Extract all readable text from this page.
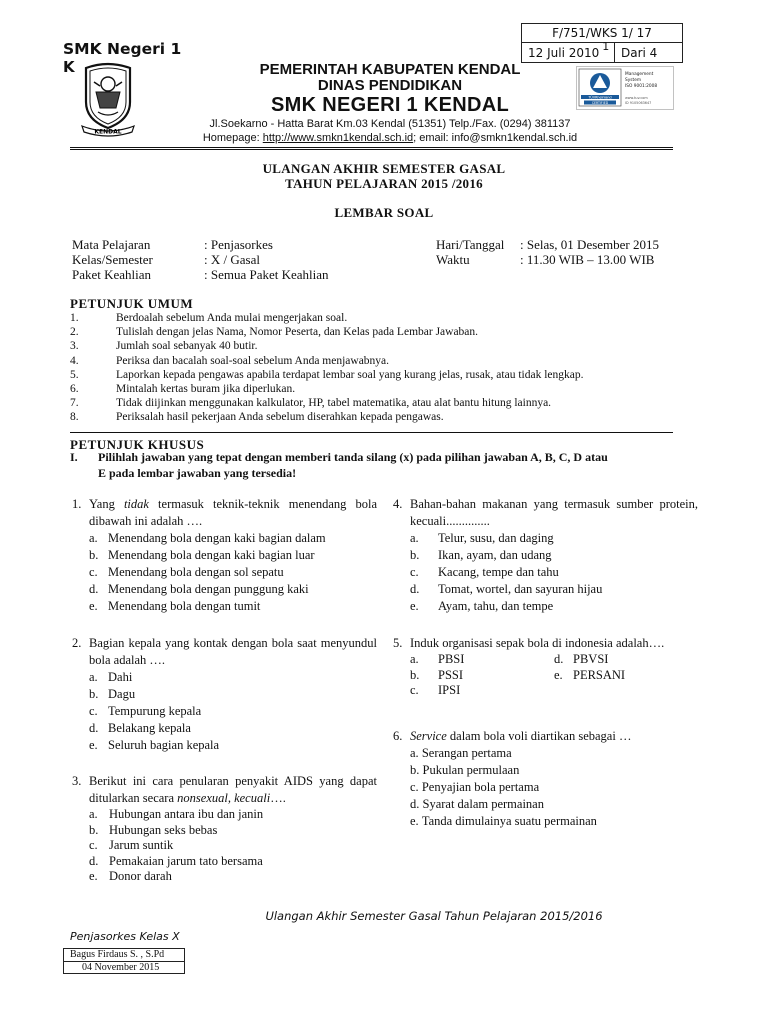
F/751/WKS 1/ 17
12 Juli 2010 1 Dari 4
SMK Negeri 1
K
KENDAL
TÜVRheinland
CERTIFIED
Management
System
ISO 9001:2008
www.tuv.com
ID 9105063647
PEMERINTAH KABUPATEN KENDAL
DINAS PENDIDIKAN
SMK NEGERI 1 KENDAL
Jl.Soekarno - Hatta Barat Km.03 Kendal (51351) Telp./Fax. (0294) 381137
Homepage: http://www.smkn1kendal.sch.id; email: info@smkn1kendal.sch.id
ULANGAN AKHIR SEMESTER GASAL
TAHUN PELAJARAN 2015 /2016
LEMBAR SOAL
Mata Pelajaran	: Penjasorkes
Kelas/Semester	: X / Gasal
Paket Keahlian	: Semua Paket Keahlian
Hari/Tanggal : Selas, 01 Desember 2015
Waktu	: 11.30 WIB – 13.00 WIB
PETUNJUK UMUM
1.	Berdoalah sebelum Anda mulai mengerjakan soal.
2.	Tulislah dengan jelas Nama, Nomor Peserta, dan Kelas pada Lembar Jawaban.
3.	Jumlah soal sebanyak 40 butir.
4.	Periksa dan bacalah soal-soal sebelum Anda menjawabnya.
5.	Laporkan kepada pengawas apabila terdapat lembar soal yang kurang jelas, rusak, atau tidak lengkap.
6.	Mintalah kertas buram jika diperlukan.
7.	Tidak diijinkan menggunakan kalkulator, HP, tabel matematika, atau alat bantu hitung lainnya.
8.	Periksalah hasil pekerjaan Anda sebelum diserahkan kepada pengawas.
PETUNJUK KHUSUS
I. Pilihlah jawaban yang tepat dengan memberi tanda silang (x) pada pilihan jawaban A, B, C, D atau
E pada lembar jawaban yang tersedia!
1. Yang tidak termasuk teknik-teknik menendang bola dibawah ini adalah ….
a. Menendang bola dengan kaki bagian dalam
b. Menendang bola dengan kaki bagian luar
c. Menendang bola dengan sol sepatu
d. Menendang bola dengan punggung kaki
e. Menendang bola dengan tumit
2. Bagian kepala yang kontak dengan bola saat menyundul bola adalah ….
a. Dahi
b. Dagu
c. Tempurung kepala
d. Belakang kepala
e. Seluruh bagian kepala
3. Berikut ini cara penularan penyakit AIDS yang dapat ditularkan secara nonsexual, kecuali….
a. Hubungan antara ibu dan janin
b. Hubungan seks bebas
c. Jarum suntik
d. Pemakaian jarum tato bersama
e. Donor darah
4. Bahan-bahan makanan yang termasuk sumber protein, kecuali..............
a.	Telur, susu, dan daging
b.	Ikan, ayam, dan udang
c.	Kacang, tempe dan tahu
d.	Tomat, wortel, dan sayuran hijau
e.	Ayam, tahu, dan tempe
5. Induk organisasi sepak bola di indonesia adalah….
a.	PBSI
b.	PSSI
c.	IPSI
d. PBVSI
e. PERSANI
6. Service dalam bola voli diartikan sebagai …
a.
Serangan pertama
b.
Pukulan permulaan
c.
Penyajian bola pertama
d.
Syarat dalam permainan
e.
Tanda dimulainya suatu permainan
Ulangan Akhir Semester Gasal Tahun Pelajaran 2015/2016
Penjasorkes Kelas X
Bagus Firdaus S. , S.Pd
04 November 2015
